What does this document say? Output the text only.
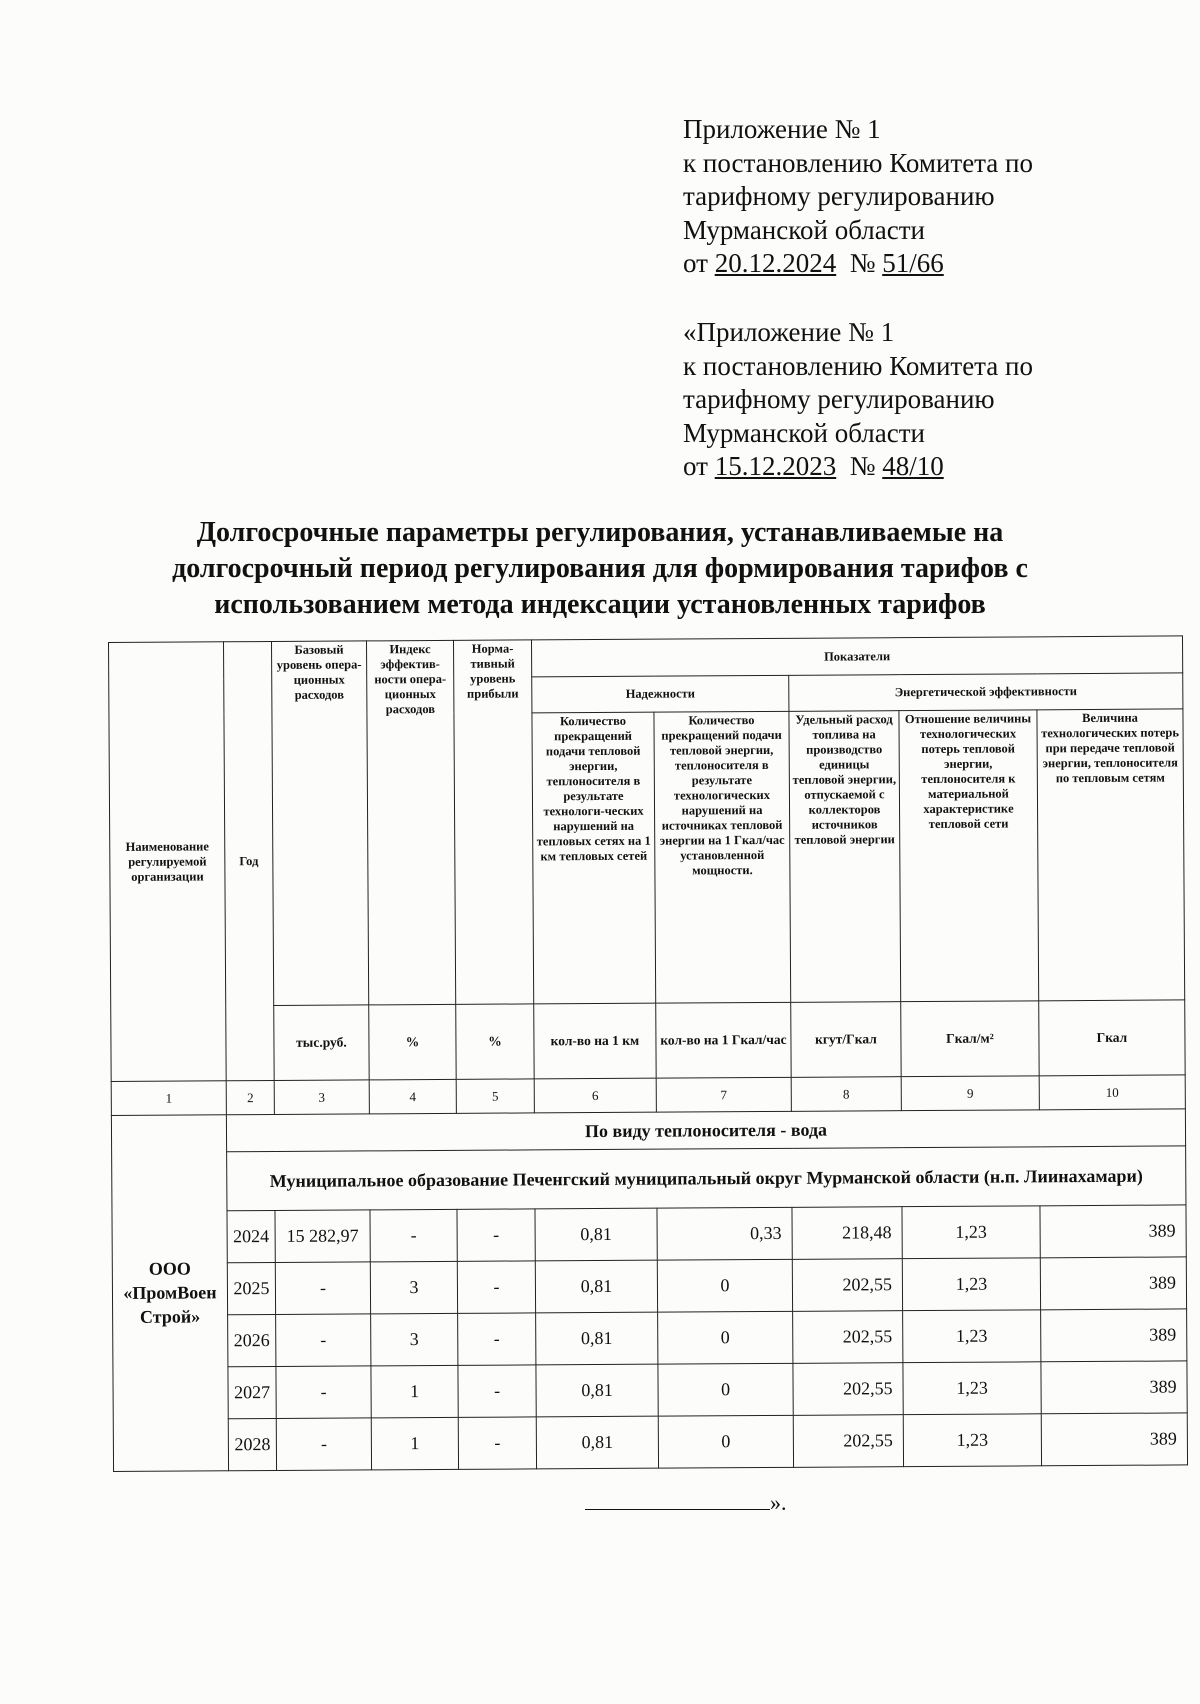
Приложение № 1
к постановлению Комитета по
тарифному регулированию
Мурманской области
от 20.12.2024 № 51/66
«Приложение № 1
к постановлению Комитета по
тарифному регулированию
Мурманской области
от 15.12.2023 № 48/10
Долгосрочные параметры регулирования, устанавливаемые на долгосрочный период регулирования для формирования тарифов с использованием метода индексации установленных тарифов
Наименование регулируемой организации	Год	Базовый уровень опера-ционных расходов	Индекс эффектив-ности опера-ционных расходов	Норма-тивный уровень прибыли	Показатели				
					Надежности		Энергетической эффективности		
					Количество прекращений подачи тепловой энергии, теплоносителя в результате технологи-ческих нарушений на тепловых сетях на 1 км тепловых сетей	Количество прекращений подачи тепловой энергии, теплоносителя в результате технологических нарушений на источниках тепловой энергии на 1 Гкал/час установленной мощности.	Удельный расход топлива на производство единицы тепловой энергии, отпускаемой с коллекторов источников тепловой энергии	Отношение величины технологических потерь тепловой энергии, теплоносителя к материальной характеристикe тепловой сети	Величина технологических потерь при передаче тепловой энергии, теплоносителя по тепловым сетям
		тыс.руб.	%	%	кол-во на 1 км	кол-во на 1 Гкал/час	кгут/Гкал	Гкал/м²	Гкал
1	2	3	4	5	6	7	8	9	10
ООО «ПромВоен Строй»	По виду теплоносителя - вода								
	Муниципальное образование Печенгский муниципальный округ Мурманской области (н.п. Лиинахамари)								
	2024	15 282,97	-	-	0,81	0,33	218,48	1,23	389
	2025	-	3	-	0,81	0	202,55	1,23	389
	2026	-	3	-	0,81	0	202,55	1,23	389
	2027	-	1	-	0,81	0	202,55	1,23	389
	2028	-	1	-	0,81	0	202,55	1,23	389
».
